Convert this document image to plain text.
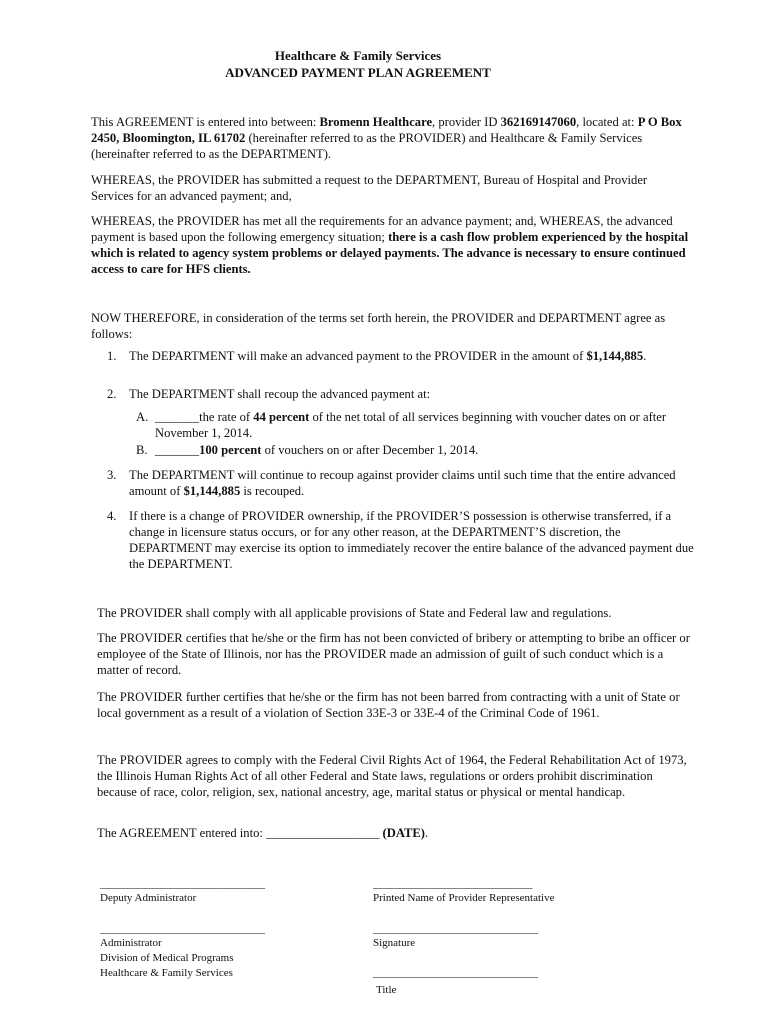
Healthcare & Family Services
ADVANCED PAYMENT PLAN AGREEMENT

This AGREEMENT is entered into between: Bromenn Healthcare, provider ID 362169147060, located at: P O Box 2450, Bloomington, IL 61702 (hereinafter referred to as the PROVIDER) and Healthcare & Family Services (hereinafter referred to as the DEPARTMENT).

WHEREAS, the PROVIDER has submitted a request to the DEPARTMENT, Bureau of Hospital and Provider Services for an advanced payment; and,

WHEREAS, the PROVIDER has met all the requirements for an advance payment; and, WHEREAS, the advanced payment is based upon the following emergency situation; there is a cash flow problem experienced by the hospital which is related to agency system problems or delayed payments. The advance is necessary to ensure continued access to care for HFS clients.

NOW THEREFORE, in consideration of the terms set forth herein, the PROVIDER and DEPARTMENT agree as follows:

1. The DEPARTMENT will make an advanced payment to the PROVIDER in the amount of $1,144,885.
2. The DEPARTMENT shall recoup the advanced payment at:
A. _______the rate of 44 percent of the net total of all services beginning with voucher dates on or after November 1, 2014.
B. _______100 percent of vouchers on or after December 1, 2014.
3. The DEPARTMENT will continue to recoup against provider claims until such time that the entire advanced amount of $1,144,885 is recouped.
4. If there is a change of PROVIDER ownership, if the PROVIDER’S possession is otherwise transferred, if a change in licensure status occurs, or for any other reason, at the DEPARTMENT’S discretion, the DEPARTMENT may exercise its option to immediately recover the entire balance of the advanced payment due the DEPARTMENT.

The PROVIDER shall comply with all applicable provisions of State and Federal law and regulations.

The PROVIDER certifies that he/she or the firm has not been convicted of bribery or attempting to bribe an officer or employee of the State of Illinois, nor has the PROVIDER made an admission of guilt of such conduct which is a matter of record.

The PROVIDER further certifies that he/she or the firm has not been barred from contracting with a unit of State or local government as a result of a violation of Section 33E-3 or 33E-4 of the Criminal Code of 1961.

The PROVIDER agrees to comply with the Federal Civil Rights Act of 1964, the Federal Rehabilitation Act of 1973, the Illinois Human Rights Act of all other Federal and State laws, regulations or orders prohibit discrimination because of race, color, religion, sex, national ancestry, age, marital status or physical or mental handicap.

The AGREEMENT entered into: __________________ (DATE).

______________________________
Deputy Administrator
______________________________
Administrator
Division of Medical Programs
Healthcare & Family Services
_____________________________
Printed Name of Provider Representative
______________________________
Signature
______________________________
Title
